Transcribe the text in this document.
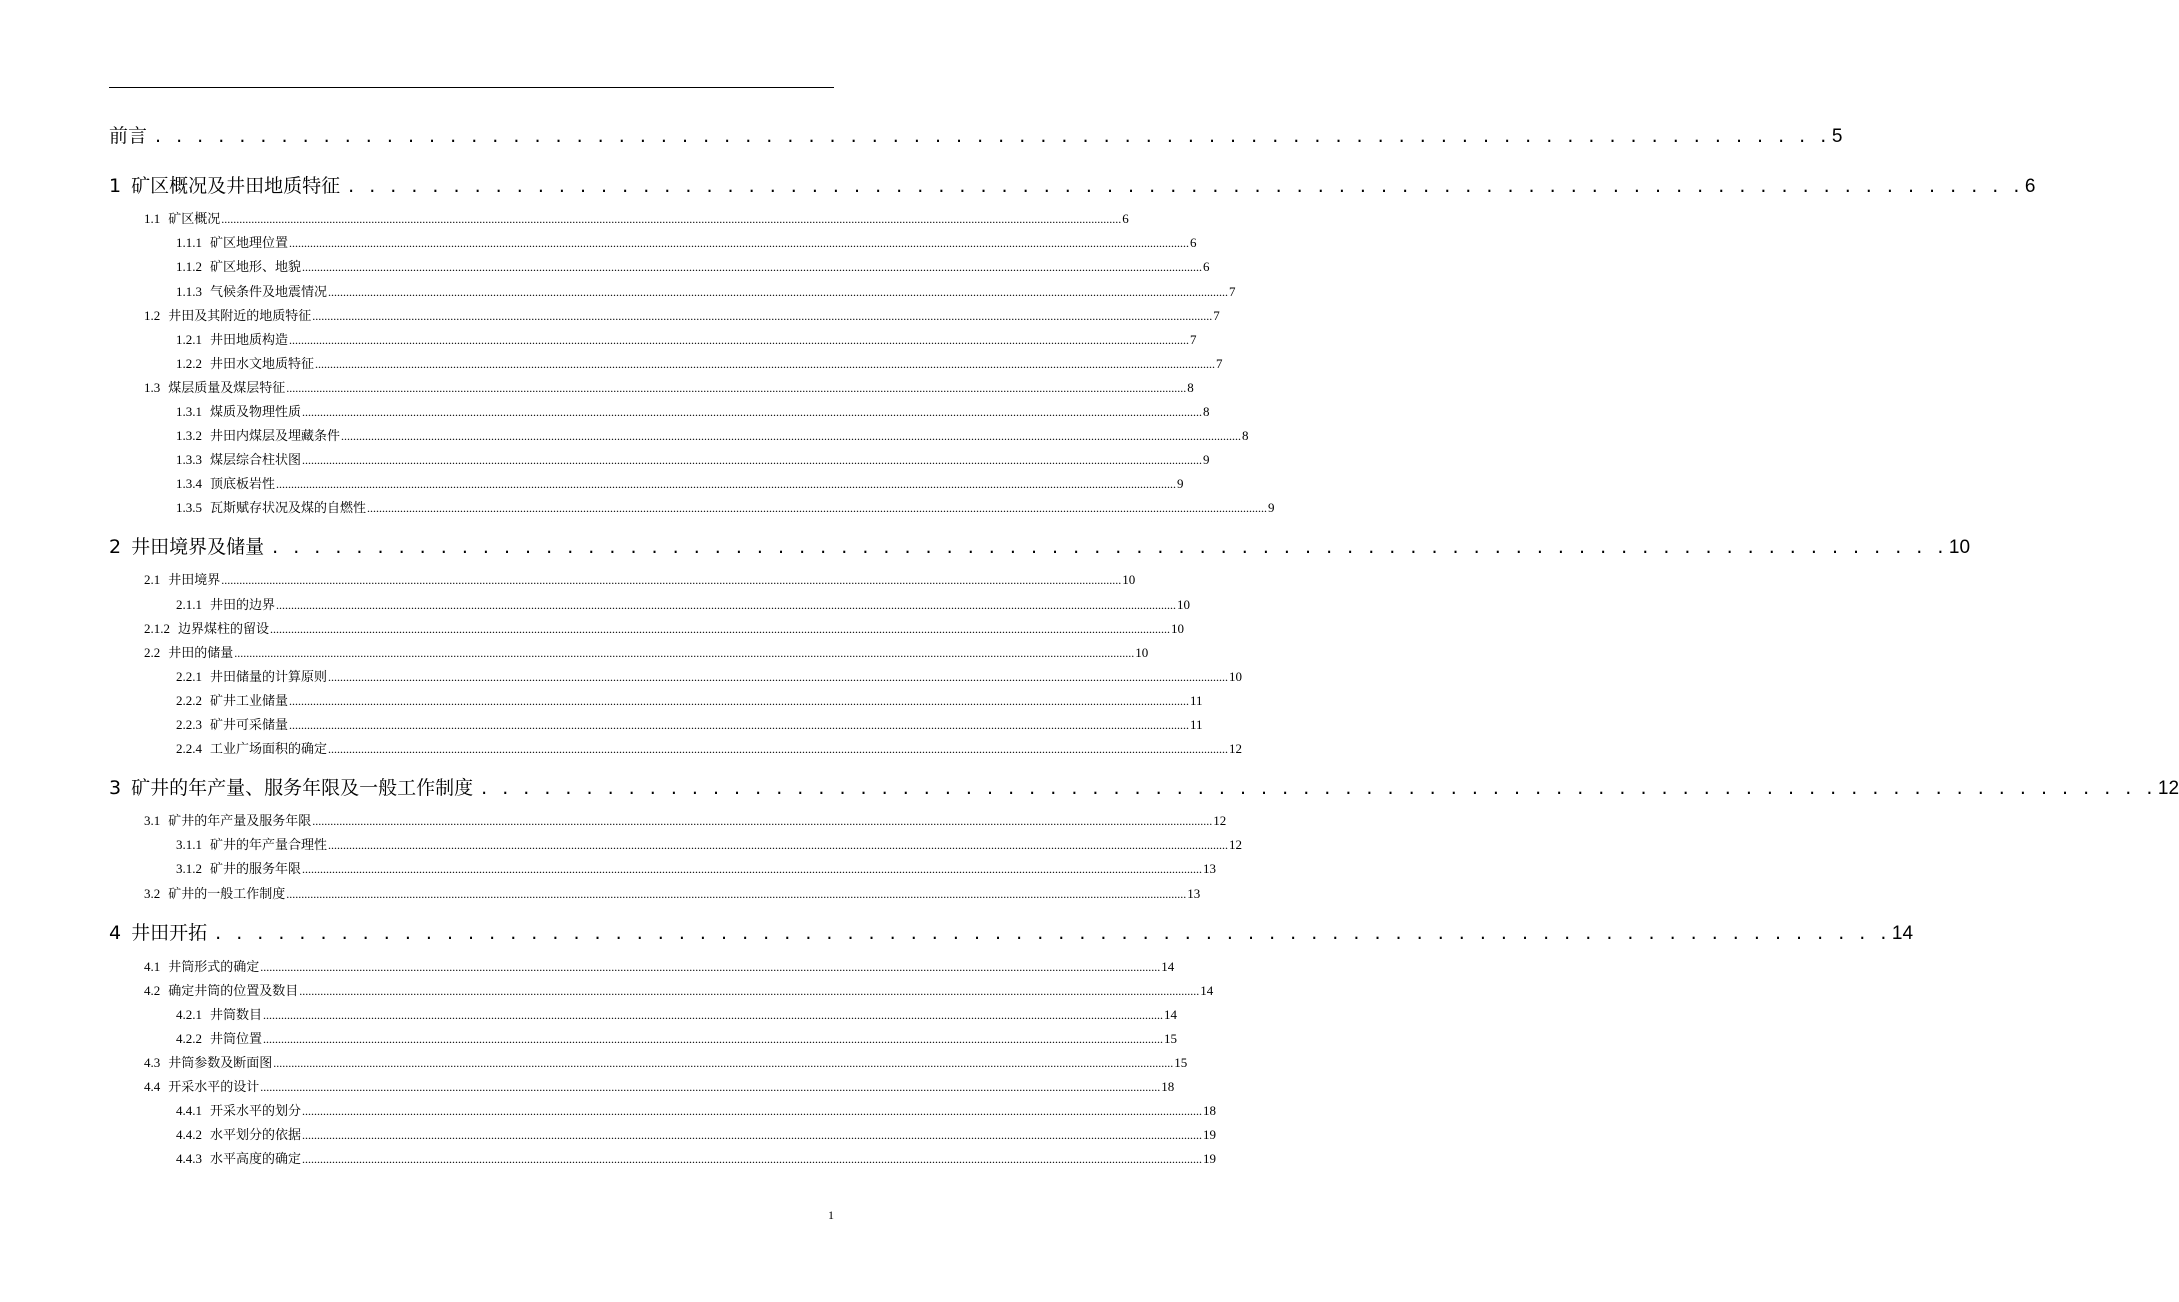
前言 . . . . . . . . . . . . . . . . . . . . . . . . . . . . . . . . . . . . . . . . . . . . . . . . . . . . . . . . . . . . . . . . . . . . . . . . . . . . . . . . 5
1 矿区概况及井田地质特征 . . . . . . . . . . . . . . . . . . . . . . . . . . . . . . . . . . . . . . . . . . . . . . . . . . . . . . . . . . . . . . . . . . . . . . . . . . . . . . . . 6
1.1 矿区概况 ............................................................................................................................................................................................................................................................................................................ 6
1.1.1 矿区地理位置 ............................................................................................................................................................................................................................................................................................................ 6
1.1.2 矿区地形、地貌 ............................................................................................................................................................................................................................................................................................................ 6
1.1.3 气候条件及地震情况 ............................................................................................................................................................................................................................................................................................................ 7
1.2 井田及其附近的地质特征 ............................................................................................................................................................................................................................................................................................................ 7
1.2.1 井田地质构造 ............................................................................................................................................................................................................................................................................................................ 7
1.2.2 井田水文地质特征 ............................................................................................................................................................................................................................................................................................................ 7
1.3 煤层质量及煤层特征 ............................................................................................................................................................................................................................................................................................................ 8
1.3.1 煤质及物理性质 ............................................................................................................................................................................................................................................................................................................ 8
1.3.2 井田内煤层及埋藏条件 ............................................................................................................................................................................................................................................................................................................ 8
1.3.3 煤层综合柱状图 ............................................................................................................................................................................................................................................................................................................ 9
1.3.4 顶底板岩性 ............................................................................................................................................................................................................................................................................................................ 9
1.3.5 瓦斯赋存状况及煤的自燃性 ............................................................................................................................................................................................................................................................................................................ 9
2 井田境界及储量 . . . . . . . . . . . . . . . . . . . . . . . . . . . . . . . . . . . . . . . . . . . . . . . . . . . . . . . . . . . . . . . . . . . . . . . . . . . . . . . . 10
2.1 井田境界 ............................................................................................................................................................................................................................................................................................................ 10
2.1.1 井田的边界 ............................................................................................................................................................................................................................................................................................................ 10
2.1.2 边界煤柱的留设 ............................................................................................................................................................................................................................................................................................................ 10
2.2 井田的储量 ............................................................................................................................................................................................................................................................................................................ 10
2.2.1 井田储量的计算原则 ............................................................................................................................................................................................................................................................................................................ 10
2.2.2 矿井工业储量 ............................................................................................................................................................................................................................................................................................................ 11
2.2.3 矿井可采储量 ............................................................................................................................................................................................................................................................................................................ 11
2.2.4 工业广场面积的确定 ............................................................................................................................................................................................................................................................................................................ 12
3 矿井的年产量、服务年限及一般工作制度 . . . . . . . . . . . . . . . . . . . . . . . . . . . . . . . . . . . . . . . . . . . . . . . . . . . . . . . . . . . . . . . . . . . . . . . . . . . . . . . . 12
3.1 矿井的年产量及服务年限 ............................................................................................................................................................................................................................................................................................................ 12
3.1.1 矿井的年产量合理性 ............................................................................................................................................................................................................................................................................................................ 12
3.1.2 矿井的服务年限 ............................................................................................................................................................................................................................................................................................................ 13
3.2 矿井的一般工作制度 ............................................................................................................................................................................................................................................................................................................ 13
4 井田开拓 . . . . . . . . . . . . . . . . . . . . . . . . . . . . . . . . . . . . . . . . . . . . . . . . . . . . . . . . . . . . . . . . . . . . . . . . . . . . . . . . 14
4.1 井筒形式的确定 ............................................................................................................................................................................................................................................................................................................ 14
4.2 确定井筒的位置及数目 ............................................................................................................................................................................................................................................................................................................ 14
4.2.1 井筒数目 ............................................................................................................................................................................................................................................................................................................ 14
4.2.2 井筒位置 ............................................................................................................................................................................................................................................................................................................ 15
4.3 井筒参数及断面图 ............................................................................................................................................................................................................................................................................................................ 15
4.4 开采水平的设计 ............................................................................................................................................................................................................................................................................................................ 18
4.4.1 开采水平的划分 ............................................................................................................................................................................................................................................................................................................ 18
4.4.2 水平划分的依据 ............................................................................................................................................................................................................................................................................................................ 19
4.4.3 水平高度的确定 ............................................................................................................................................................................................................................................................................................................ 19
1
